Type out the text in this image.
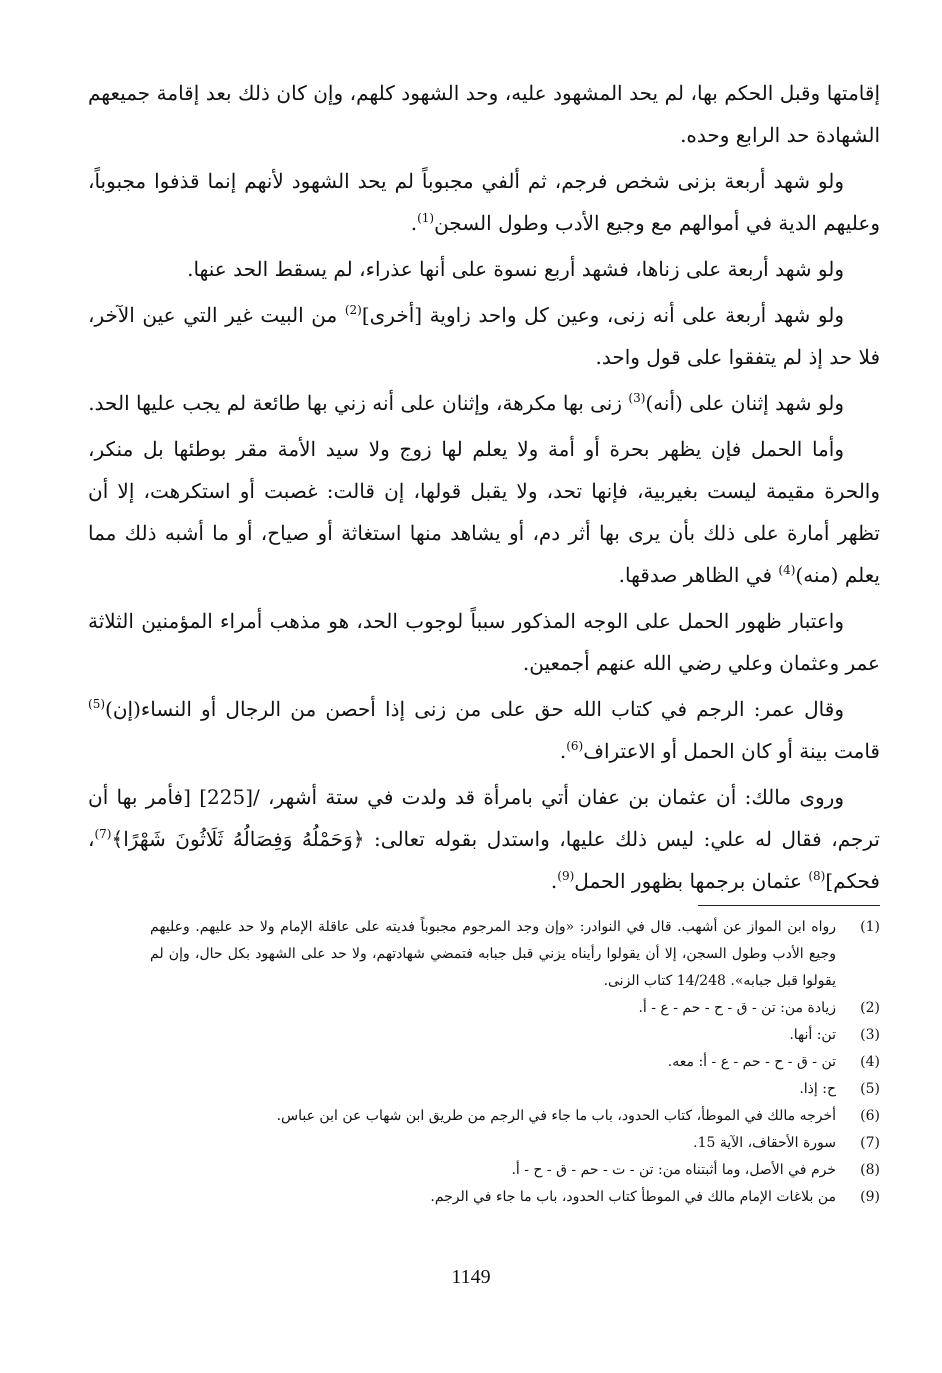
إقامتها وقبل الحكم بها، لم يحد المشهود عليه، وحد الشهود كلهم، وإن كان ذلك بعد إقامة جميعهم الشهادة حد الرابع وحده.

ولو شهد أربعة بزنى شخص فرجم، ثم ألفي مجبوباً لم يحد الشهود لأنهم إنما قذفوا مجبوباً، وعليهم الدية في أموالهم مع وجيع الأدب وطول السجن$^{(1)}$.

ولو شهد أربعة على زناها، فشهد أربع نسوة على أنها عذراء، لم يسقط الحد عنها.

ولو شهد أربعة على أنه زنى، وعين كل واحد زاوية [أخرى]$^{(2)}$ من البيت غير التي عين الآخر، فلا حد إذ لم يتفقوا على قول واحد.

ولو شهد إثنان على (أنه)$^{(3)}$ زنى بها مكرهة، وإثنان على أنه زني بها طائعة لم يجب عليها الحد.

وأما الحمل فإن يظهر بحرة أو أمة ولا يعلم لها زوج ولا سيد الأمة مقر بوطئها بل منكر، والحرة مقيمة ليست بغيربية، فإنها تحد، ولا يقبل قولها، إن قالت: غصبت أو استكرهت، إلا أن تظهر أمارة على ذلك بأن يرى بها أثر دم، أو يشاهد منها استغاثة أو صياح، أو ما أشبه ذلك مما يعلم (منه)$^{(4)}$ في الظاهر صدقها.

واعتبار ظهور الحمل على الوجه المذكور سبباً لوجوب الحد، هو مذهب أمراء المؤمنين الثلاثة عمر وعثمان وعلي رضي الله عنهم أجمعين.

وقال عمر: الرجم في كتاب الله حق على من زنى إذا أحصن من الرجال أو النساء(إن)$^{(5)}$ قامت بينة أو كان الحمل أو الاعتراف$^{(6)}$.

وروى مالك: أن عثمان بن عفان أتي بامرأة قد ولدت في ستة أشهر، /[225] [فأمر بها أن ترجم، فقال له علي: ليس ذلك عليها، واستدل بقوله تعالى: ﴿وَحَمْلُهُ وَفِصَالُهُ ثَلَاثُونَ شَهْرًا﴾$^{(7)}$، فحكم]$^{(8)}$ عثمان برجمها بظهور الحمل$^{(9)}$.

(1)
رواه ابن المواز عن أشهب. قال في النوادر: «وإن وجد المرجوم مجبوباً فديته على عاقلة الإمام ولا حد عليهم. وعليهم وجيع الأدب وطول السجن، إلا أن يقولوا رأيناه يزني قبل جبابه فتمضي شهادتهم، ولا حد على الشهود بكل حال، وإن لم يقولوا قبل جبابه». 14/248 كتاب الزنى.
(2)
زيادة من: تن - ق - ح - حم - ع - أ.
(3)
تن: أنها.
(4)
تن - ق - ح - حم - ع - أ: معه.
(5)
ح: إذا.
(6)
أخرجه مالك في الموطأ، كتاب الحدود، باب ما جاء في الرجم من طريق ابن شهاب عن ابن عباس.
(7)
سورة الأحقاف، الآية 15.
(8)
خرم في الأصل، وما أثبتناه من: تن - ت - حم - ق - ح - أ.
(9)
من بلاغات الإمام مالك في الموطأ كتاب الحدود، باب ما جاء في الرجم.
1149
